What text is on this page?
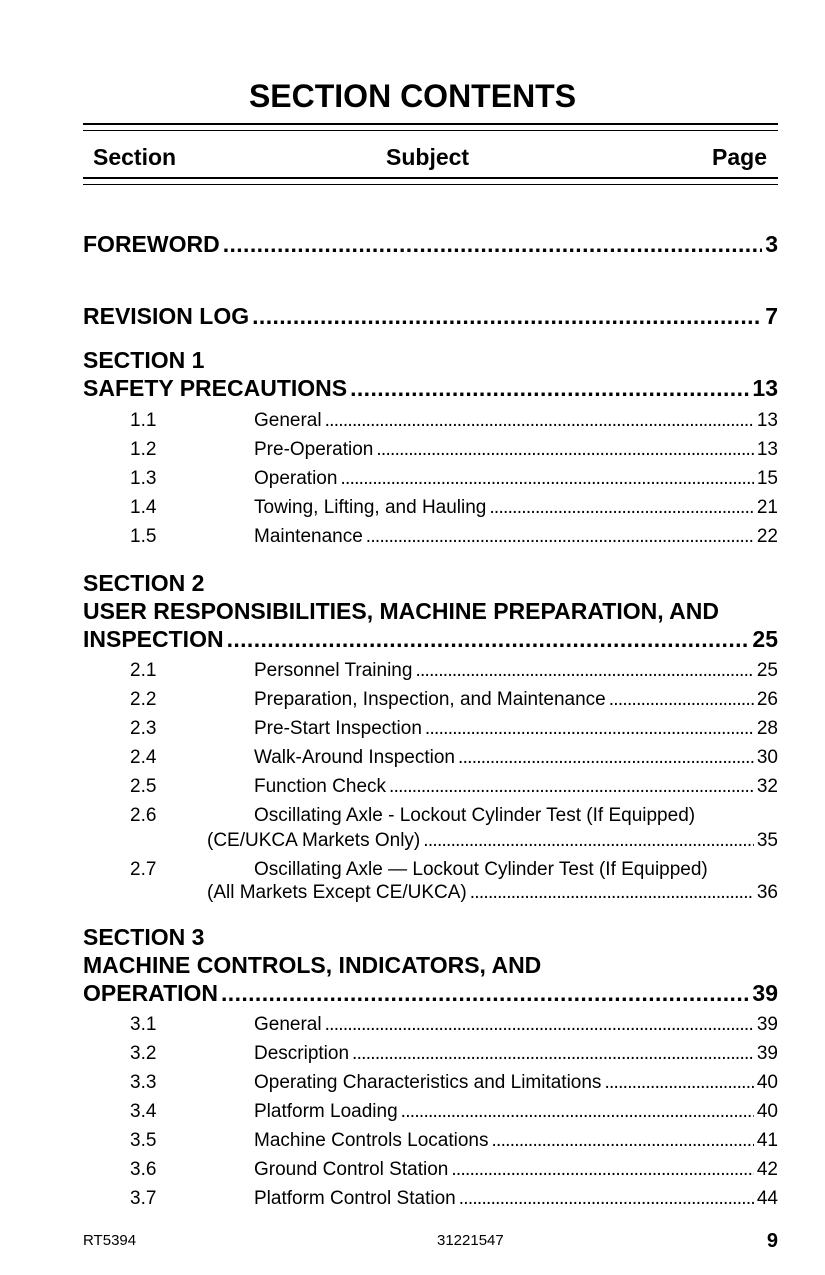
SECTION CONTENTS
Section	Subject	Page
FOREWORD . . .	3
REVISION LOG . . .	7
SECTION 1
SAFETY PRECAUTIONS . . .	13
1.1	General . . .	13
1.2	Pre-Operation . . .	13
1.3	Operation . . .	15
1.4	Towing, Lifting, and Hauling . . .	21
1.5	Maintenance . . .	22
SECTION 2
USER RESPONSIBILITIES, MACHINE PREPARATION, AND
INSPECTION . . .	25
2.1	Personnel Training . . .	25
2.2	Preparation, Inspection, and Maintenance . . .	26
2.3	Pre-Start Inspection . . .	28
2.4	Walk-Around Inspection . . .	30
2.5	Function Check . . .	32
2.6	Oscillating Axle - Lockout Cylinder Test (If Equipped)
(CE/UKCA Markets Only) . . .	35
2.7	Oscillating Axle — Lockout Cylinder Test (If Equipped)
(All Markets Except CE/UKCA) . . .	36
SECTION 3
MACHINE CONTROLS, INDICATORS, AND
OPERATION . . .	39
3.1	General . . .	39
3.2	Description . . .	39
3.3	Operating Characteristics and Limitations . . .	40
3.4	Platform Loading . . .	40
3.5	Machine Controls Locations . . .	41
3.6	Ground Control Station . . .	42
3.7	Platform Control Station . . .	44
RT5394	31221547	9
